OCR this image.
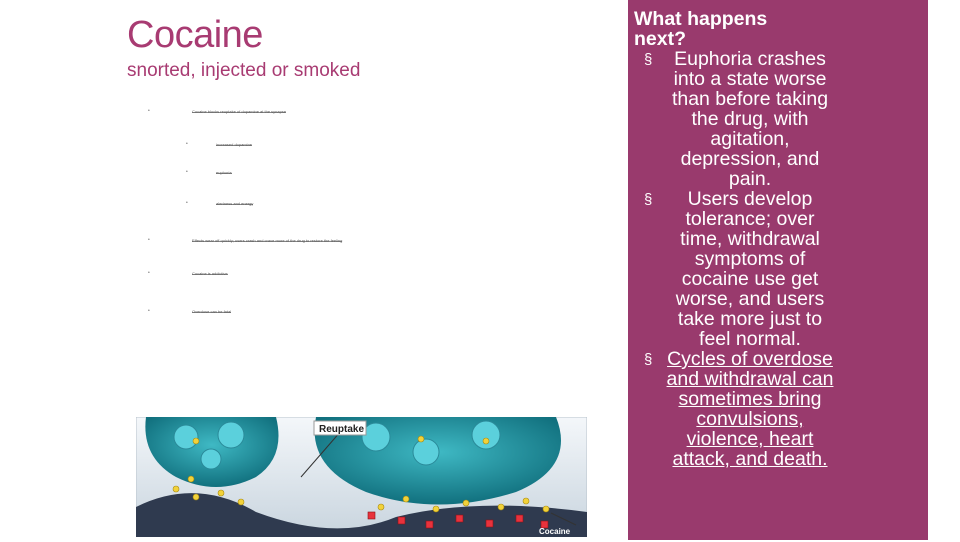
Cocaine
snorted, injected or smoked
•	Cocaine blocks reuptake of dopamine at the synapse
•	increased dopamine
•	euphoria
•	alertness and energy
•	Effects wear off quickly; users crash and crave more of the drug to restore the feeling
•	Cocaine is addictive
•	Overdose can be fatal
Reuptake
Cocaine
What happens next?
§	Euphoria crashes into a state worse than before taking the drug, with agitation, depression, and pain.
§	Users develop tolerance; over time, withdrawal symptoms of cocaine use get worse, and users take more just to feel normal.
§ Cycles of overdose and withdrawal can sometimes bring convulsions, violence, heart attack, and death.
